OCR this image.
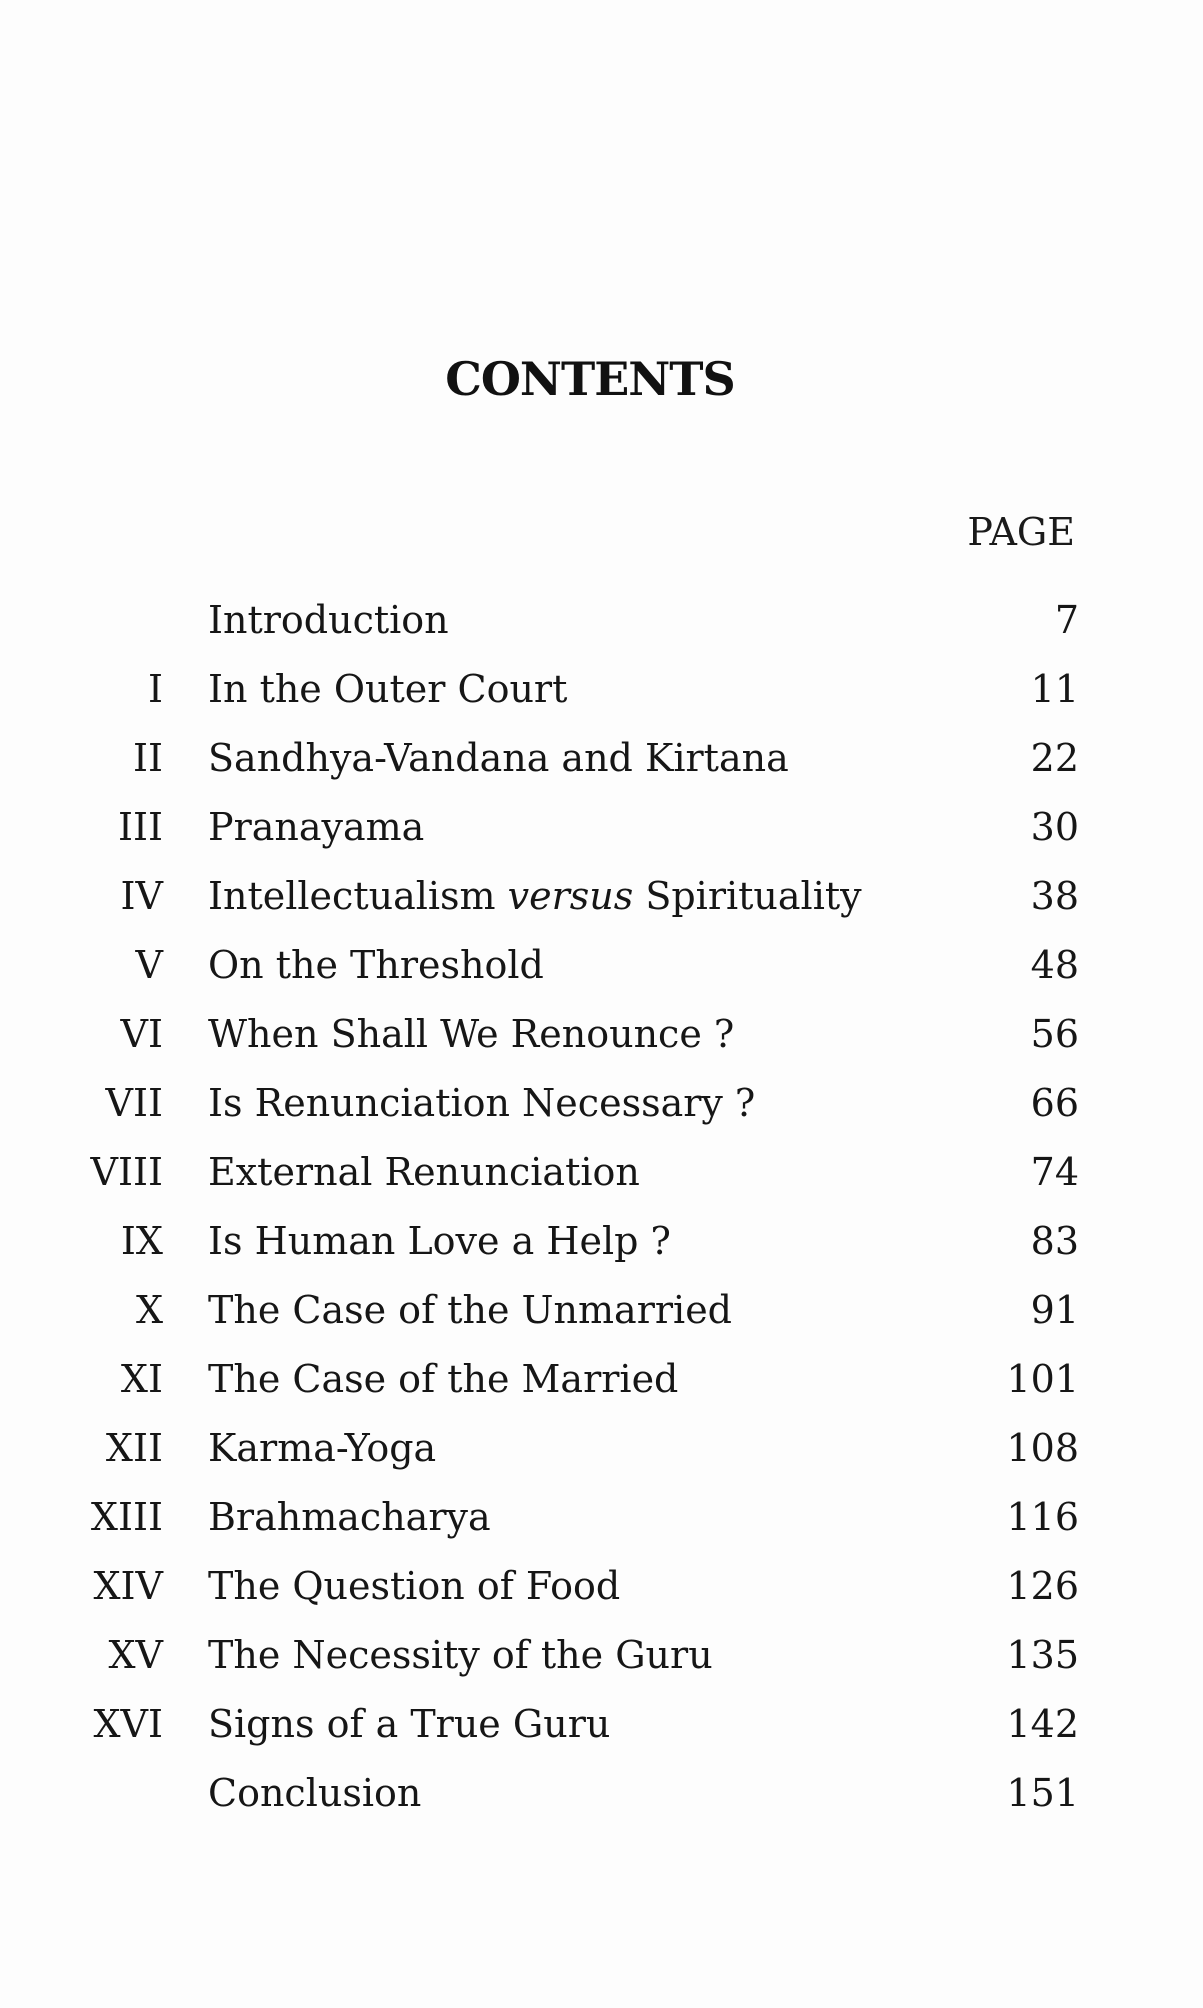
CONTENTS
PAGE
Introduction	7
I In the Outer Court	11
II Sandhya-Vandana and Kirtana	22
III Pranayama	30
IV Intellectualism versus Spirituality	38
V On the Threshold	48
VI When Shall We Renounce ?	56
VII Is Renunciation Necessary ?	66
VIII External Renunciation	74
IX Is Human Love a Help ?	83
X The Case of the Unmarried	91
XI The Case of the Married	101
XII Karma-Yoga	108
XIII Brahmacharya	116
XIV The Question of Food	126
XV The Necessity of the Guru	135
XVI Signs of a True Guru	142
Conclusion	151
